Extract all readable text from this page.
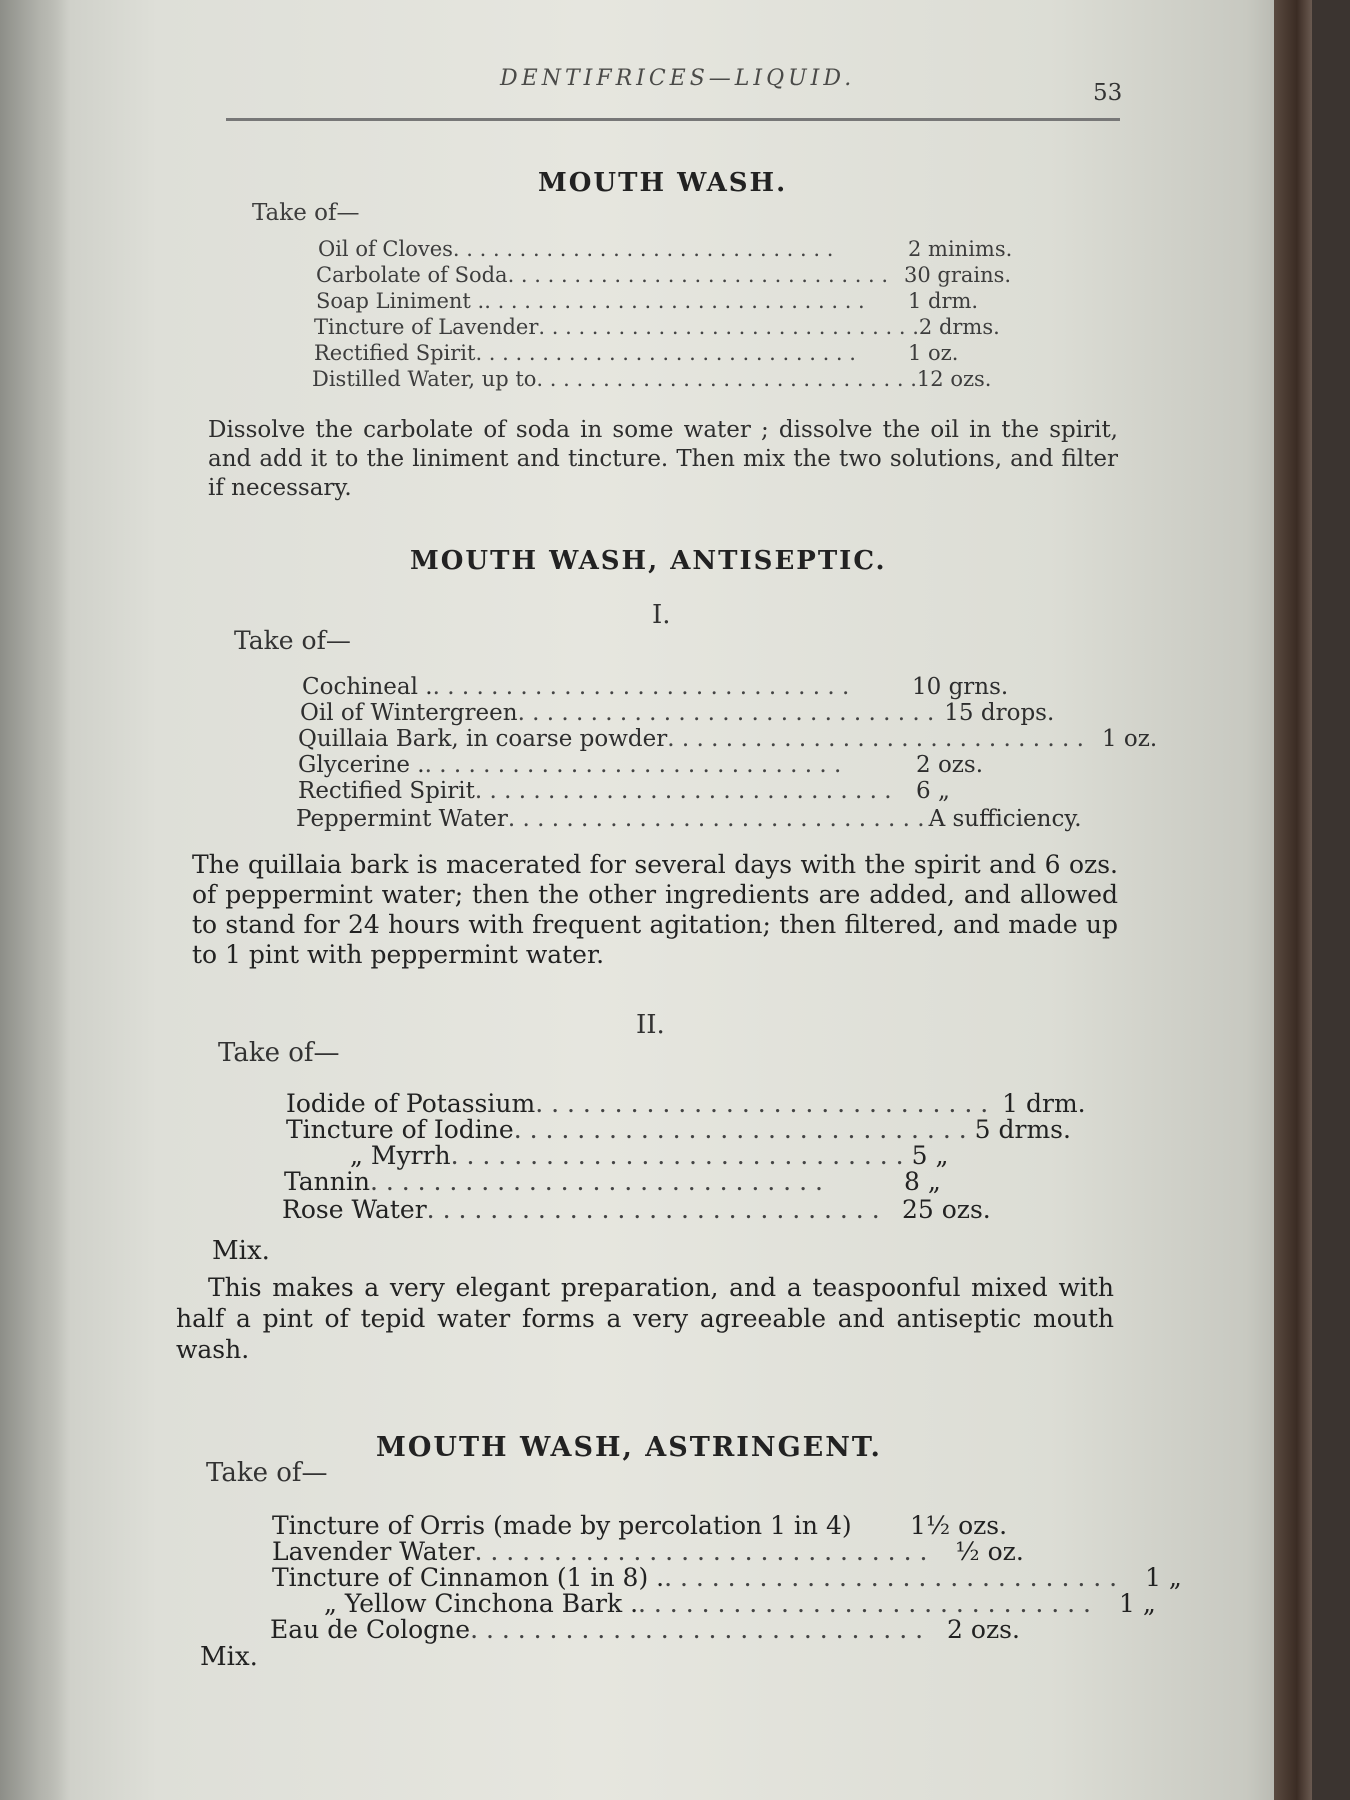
DENTIFRICES—LIQUID.
53
MOUTH WASH.
Take of—
Oil of Cloves . . . . . . . . . . . . . . . . . . . . . . . . . . . . .	2 minims.
Carbolate of Soda . . . . . . . . . . . . . . . . . . . . . . . . . . . . . 30 grains.
Soap Liniment . . . . . . . . . . . . . . . . . . . . . . . . . . . . . .	1 drm.
Tincture of Lavender . . . . . . . . . . . . . . . . . . . . . . . . . . . . . 2 drms.
Rectified Spirit . . . . . . . . . . . . . . . . . . . . . . . . . . . . .	1 oz.
Distilled Water, up to . . . . . . . . . . . . . . . . . . . . . . . . . . . . . 12 ozs.
Dissolve the carbolate of soda in some water ; dissolve the oil in the spirit, and add it to the liniment and tincture. Then mix the two solutions, and filter if necessary.
MOUTH WASH, ANTISEPTIC.
I.
Take of—
Cochineal . . . . . . . . . . . . . . . . . . . . . . . . . . . . . .	10 grns.
Oil of Wintergreen . . . . . . . . . . . . . . . . . . . . . . . . . . . . . 15 drops.
Quillaia Bark, in coarse powder . . . . . . . . . . . . . . . . . . . . . . . . . . . . . 1 oz.
Glycerine . . . . . . . . . . . . . . . . . . . . . . . . . . . . . .	2 ozs.
Rectified Spirit . . . . . . . . . . . . . . . . . . . . . . . . . . . . .	6 „
Peppermint Water . . . . . . . . . . . . . . . . . . . . . . . . . . . . . A sufficiency.
The quillaia bark is macerated for several days with the spirit and 6 ozs. of peppermint water; then the other ingredients are added, and allowed to stand for 24 hours with frequent agitation; then filtered, and made up to 1 pint with peppermint water.
II.
Take of—
Iodide of Potassium . . . . . . . . . . . . . . . . . . . . . . . . . . . . . 1 drm.
Tincture of Iodine . . . . . . . . . . . . . . . . . . . . . . . . . . . . . 5 drms.
„ Myrrh . . . . . . . . . . . . . . . . . . . . . . . . . . . . . 5 „
Tannin . . . . . . . . . . . . . . . . . . . . . . . . . . . . .	8 „
Rose Water . . . . . . . . . . . . . . . . . . . . . . . . . . . . . 25 ozs.
Mix.
This makes a very elegant preparation, and a teaspoonful mixed with half a pint of tepid water forms a very agreeable and antiseptic mouth wash.
MOUTH WASH, ASTRINGENT.
Take of—
Tincture of Orris (made by percolation 1 in 4)	1½ ozs.
Lavender Water . . . . . . . . . . . . . . . . . . . . . . . . . . . . .	½ oz.
Tincture of Cinnamon (1 in 8) . . . . . . . . . . . . . . . . . . . . . . . . . . . . . .	1 „
„ Yellow Cinchona Bark . . . . . . . . . . . . . . . . . . . . . . . . . . . . . .	1 „
Eau de Cologne . . . . . . . . . . . . . . . . . . . . . . . . . . . . . 2 ozs.
Mix.
